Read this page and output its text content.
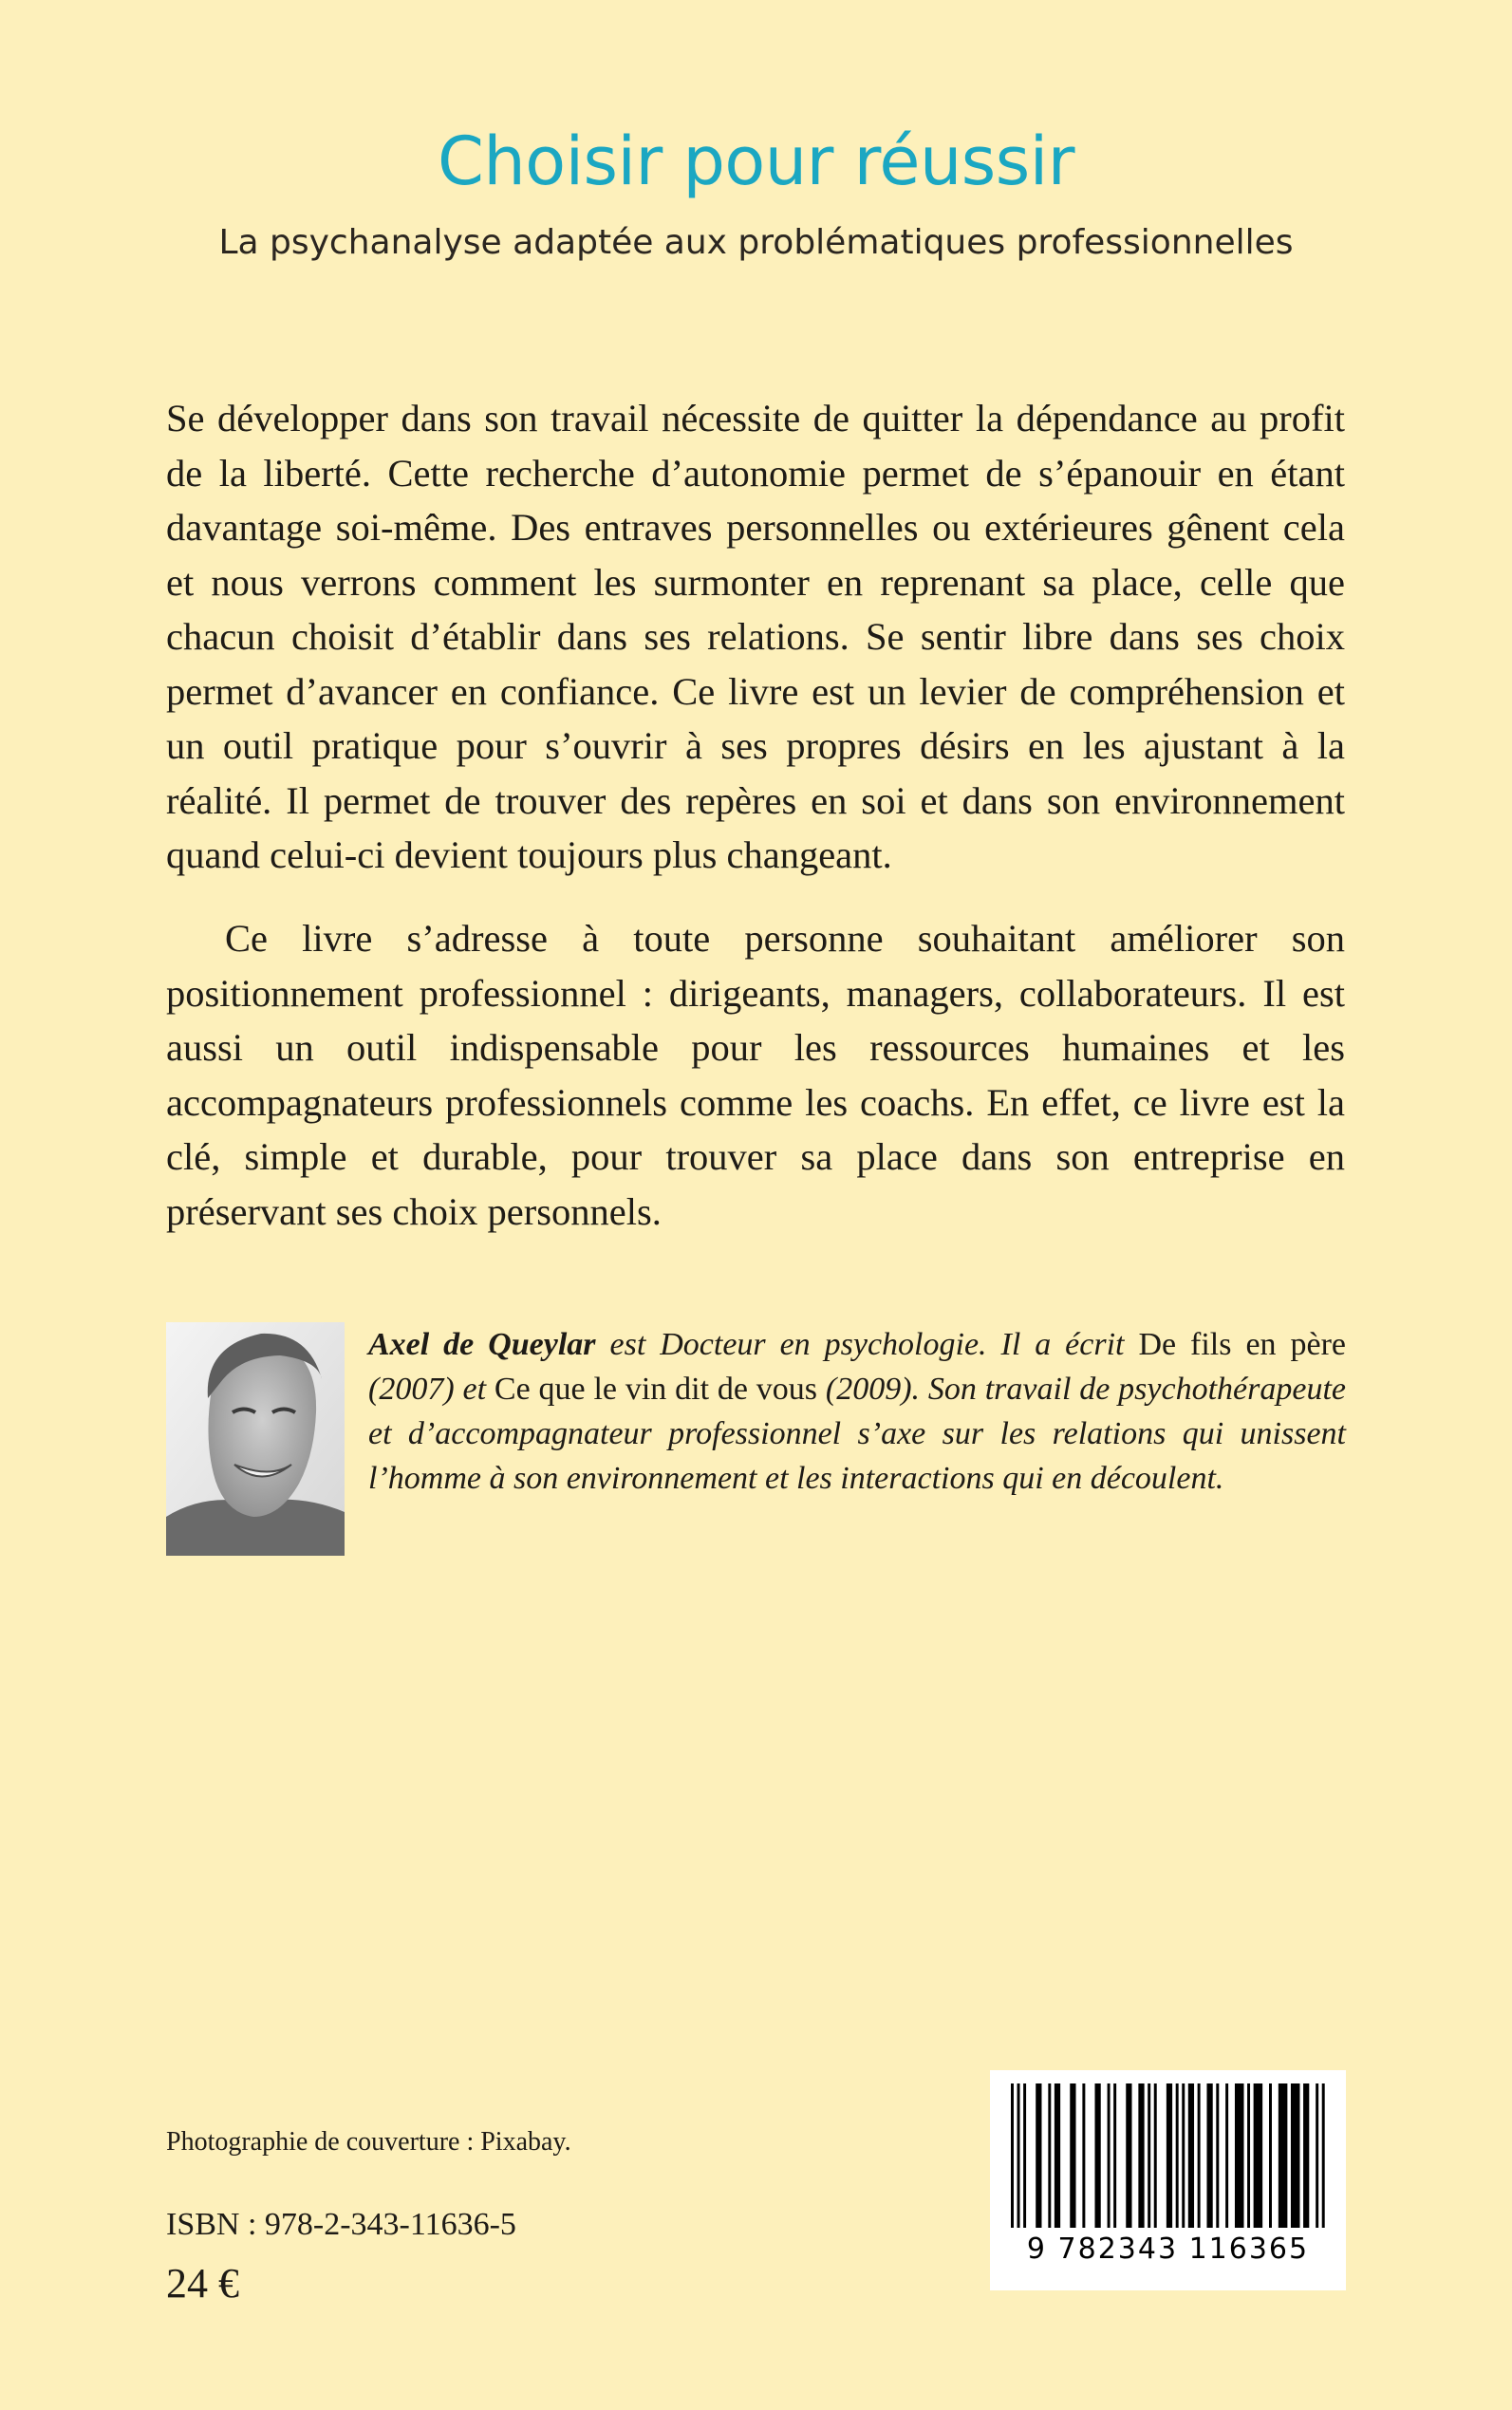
Choisir pour réussir
La psychanalyse adaptée aux problématiques professionnelles

Se développer dans son travail nécessite de quitter la dépendance au profit de la liberté. Cette recherche d’autonomie permet de s’épanouir en étant davantage soi-même. Des entraves personnelles ou extérieures gênent cela et nous verrons comment les surmonter en reprenant sa place, celle que chacun choisit d’établir dans ses relations. Se sentir libre dans ses choix permet d’avancer en confiance. Ce livre est un levier de compréhension et un outil pratique pour s’ouvrir à ses propres désirs en les ajustant à la réalité. Il permet de trouver des repères en soi et dans son environnement quand celui-ci devient toujours plus changeant.

Ce livre s’adresse à toute personne souhaitant améliorer son positionnement professionnel : dirigeants, managers, collaborateurs. Il est aussi un outil indispensable pour les ressources humaines et les accompagnateurs professionnels comme les coachs. En effet, ce livre est la clé, simple et durable, pour trouver sa place dans son entreprise en préservant ses choix personnels.

Axel de Queylar est Docteur en psychologie. Il a écrit De fils en père (2007) et Ce que le vin dit de vous (2009). Son travail de psychothérapeute et d’accompagnateur professionnel s’axe sur les relations qui unissent l’homme à son environnement et les interactions qui en découlent.

Photographie de couverture : Pixabay.
ISBN : 978-2-343-11636-5
24 €
9 782343 116365
